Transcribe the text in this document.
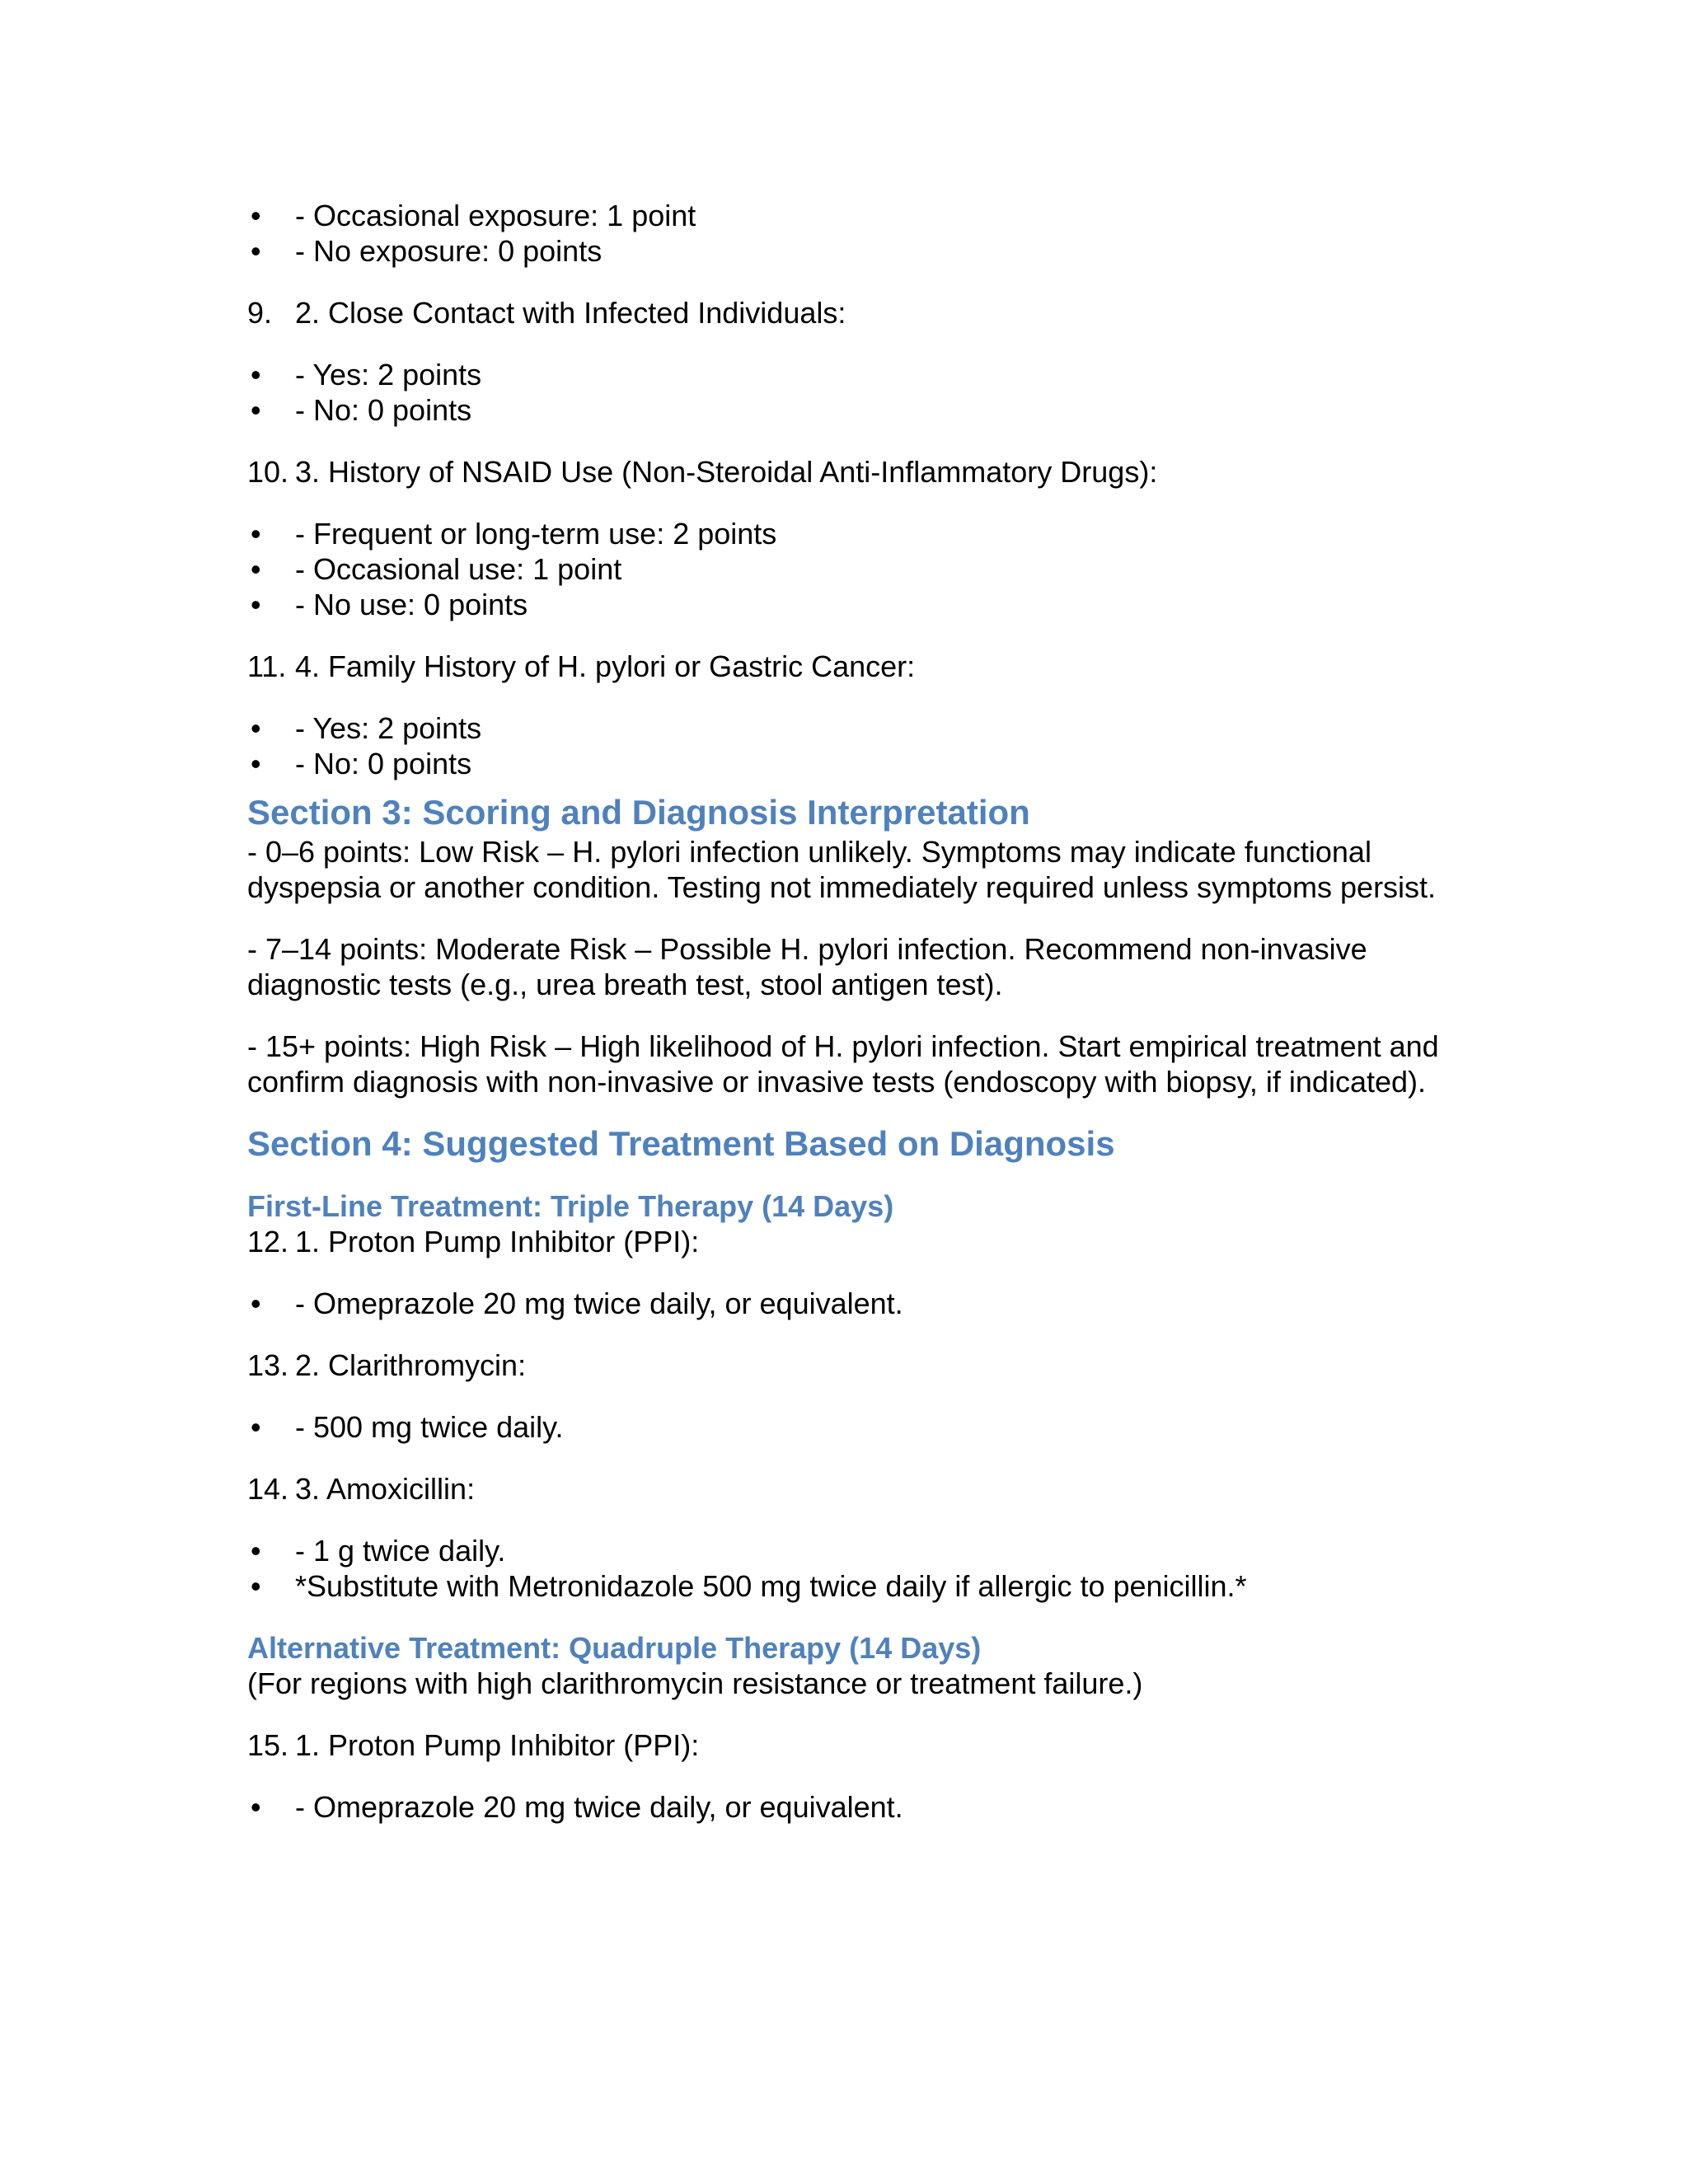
• - Occasional exposure: 1 point
• - No exposure: 0 points
9. 2. Close Contact with Infected Individuals:
• - Yes: 2 points
• - No: 0 points
10. 3. History of NSAID Use (Non-Steroidal Anti-Inflammatory Drugs):
• - Frequent or long-term use: 2 points
• - Occasional use: 1 point
• - No use: 0 points
11. 4. Family History of H. pylori or Gastric Cancer:
• - Yes: 2 points
• - No: 0 points
Section 3: Scoring and Diagnosis Interpretation

- 0–6 points: Low Risk – H. pylori infection unlikely. Symptoms may indicate functional dyspepsia or another condition. Testing not immediately required unless symptoms persist.

- 7–14 points: Moderate Risk – Possible H. pylori infection. Recommend non-invasive diagnostic tests (e.g., urea breath test, stool antigen test).

- 15+ points: High Risk – High likelihood of H. pylori infection. Start empirical treatment and confirm diagnosis with non-invasive or invasive tests (endoscopy with biopsy, if indicated).

Section 4: Suggested Treatment Based on Diagnosis
First-Line Treatment: Triple Therapy (14 Days)
12. 1. Proton Pump Inhibitor (PPI):
• - Omeprazole 20 mg twice daily, or equivalent.
13. 2. Clarithromycin:
• - 500 mg twice daily.
14. 3. Amoxicillin:
• - 1 g twice daily.
• *Substitute with Metronidazole 500 mg twice daily if allergic to penicillin.*
Alternative Treatment: Quadruple Therapy (14 Days)

(For regions with high clarithromycin resistance or treatment failure.)

15. 1. Proton Pump Inhibitor (PPI):
• - Omeprazole 20 mg twice daily, or equivalent.
